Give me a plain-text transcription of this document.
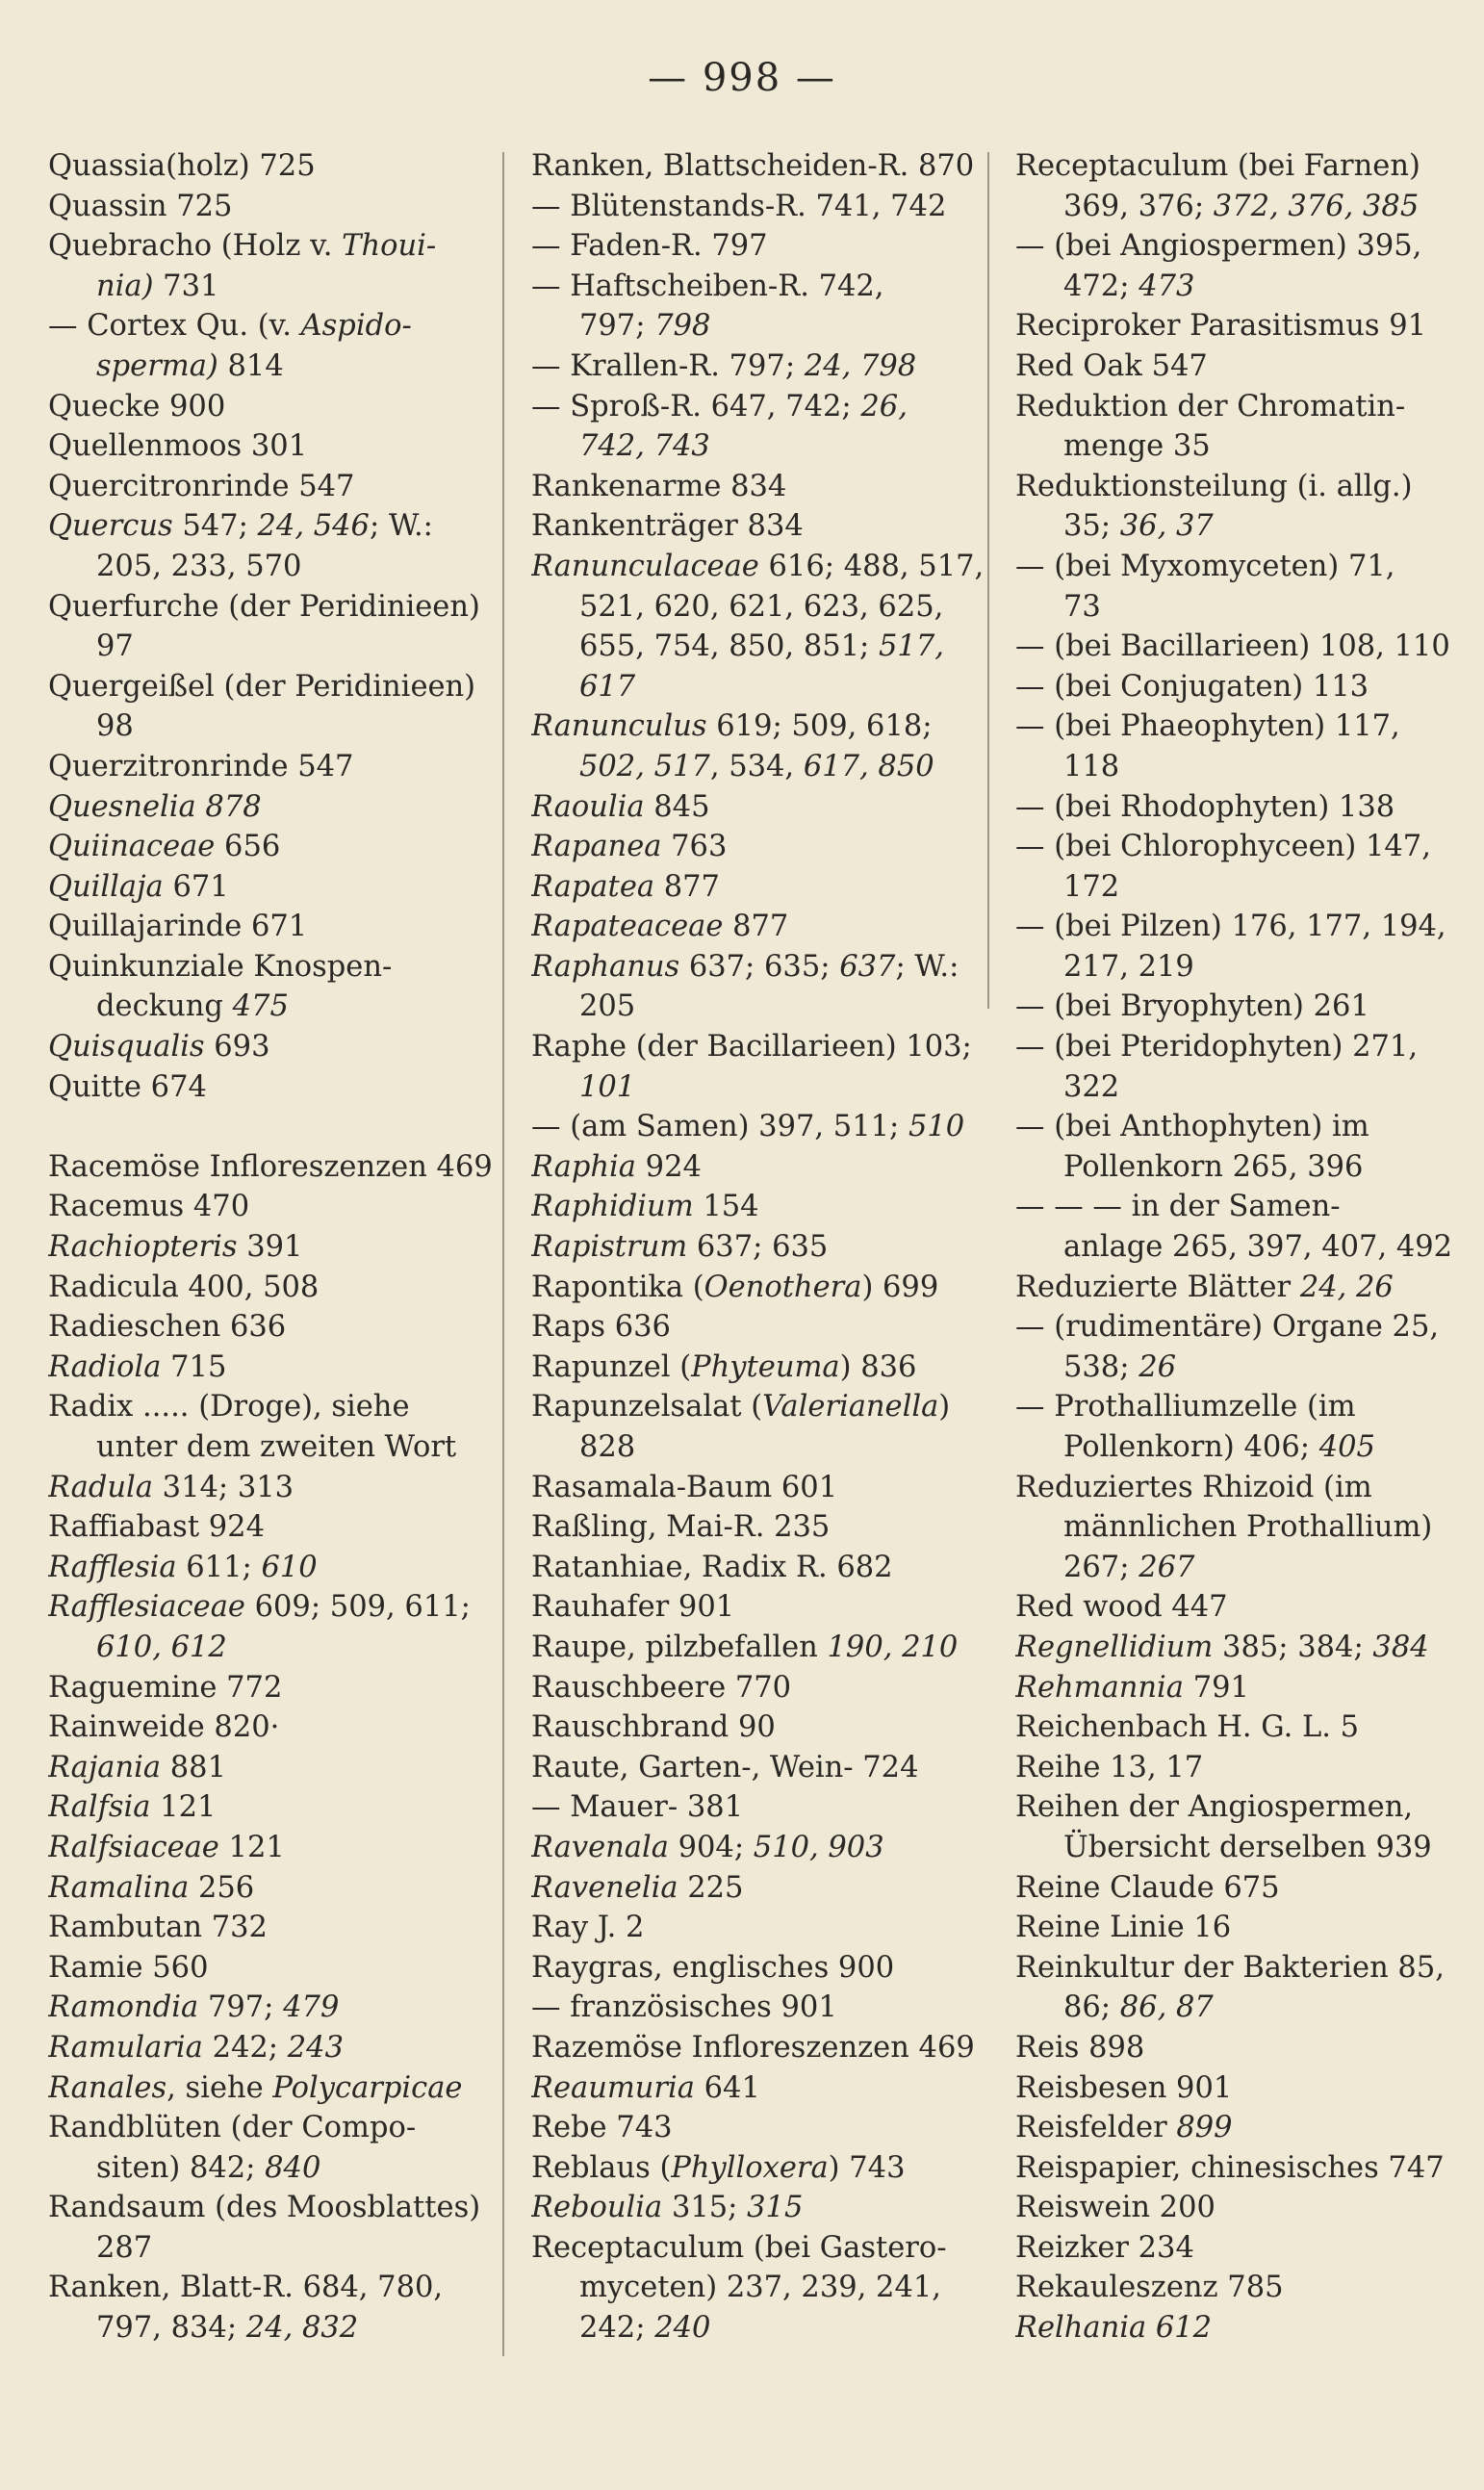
— 998 —
Quassia(holz) 725
Quassin 725
Quebracho (Holz v. Thoui-
nia) 731
— Cortex Qu. (v. Aspido-
sperma) 814
Quecke 900
Quellenmoos 301
Quercitronrinde 547
Quercus 547; 24, 546; W.:
205, 233, 570
Querfurche (der Peridinieen)
97
Quergeißel (der Peridinieen)
98
Querzitronrinde 547
Quesnelia 878
Quiinaceae 656
Quillaja 671
Quillajarinde 671
Quinkunziale Knospen-
deckung 475
Quisqualis 693
Quitte 674
Racemöse Infloreszenzen 469
Racemus 470
Rachiopteris 391
Radicula 400, 508
Radieschen 636
Radiola 715
Radix ..... (Droge), siehe
unter dem zweiten Wort
Radula 314; 313
Raffiabast 924
Rafflesia 611; 610
Rafflesiaceae 609; 509, 611;
610, 612
Raguemine 772
Rainweide 820·
Rajania 881
Ralfsia 121
Ralfsiaceae 121
Ramalina 256
Rambutan 732
Ramie 560
Ramondia 797; 479
Ramularia 242; 243
Ranales, siehe Polycarpicae
Randblüten (der Compo-
siten) 842; 840
Randsaum (des Moosblattes)
287
Ranken, Blatt-R. 684, 780,
797, 834; 24, 832
Ranken, Blattscheiden-R. 870
— Blütenstands-R. 741, 742
— Faden-R. 797
— Haftscheiben-R. 742,
797; 798
— Krallen-R. 797; 24, 798
— Sproß-R. 647, 742; 26,
742, 743
Rankenarme 834
Rankenträger 834
Ranunculaceae 616; 488, 517,
521, 620, 621, 623, 625,
655, 754, 850, 851; 517,
617
Ranunculus 619; 509, 618;
502, 517, 534, 617, 850
Raoulia 845
Rapanea 763
Rapatea 877
Rapateaceae 877
Raphanus 637; 635; 637; W.:
205
Raphe (der Bacillarieen) 103;
101
— (am Samen) 397, 511; 510
Raphia 924
Raphidium 154
Rapistrum 637; 635
Rapontika (Oenothera) 699
Raps 636
Rapunzel (Phyteuma) 836
Rapunzelsalat (Valerianella)
828
Rasamala-Baum 601
Raßling, Mai-R. 235
Ratanhiae, Radix R. 682
Rauhafer 901
Raupe, pilzbefallen 190, 210
Rauschbeere 770
Rauschbrand 90
Raute, Garten-, Wein- 724
— Mauer- 381
Ravenala 904; 510, 903
Ravenelia 225
Ray J. 2
Raygras, englisches 900
— französisches 901
Razemöse Infloreszenzen 469
Reaumuria 641
Rebe 743
Reblaus (Phylloxera) 743
Reboulia 315; 315
Receptaculum (bei Gastero-
myceten) 237, 239, 241,
242; 240
Receptaculum (bei Farnen)
369, 376; 372, 376, 385
— (bei Angiospermen) 395,
472; 473
Reciproker Parasitismus 91
Red Oak 547
Reduktion der Chromatin-
menge 35
Reduktionsteilung (i. allg.)
35; 36, 37
— (bei Myxomyceten) 71,
73
— (bei Bacillarieen) 108, 110
— (bei Conjugaten) 113
— (bei Phaeophyten) 117,
118
— (bei Rhodophyten) 138
— (bei Chlorophyceen) 147,
172
— (bei Pilzen) 176, 177, 194,
217, 219
— (bei Bryophyten) 261
— (bei Pteridophyten) 271,
322
— (bei Anthophyten) im
Pollenkorn 265, 396
— — — in der Samen-
anlage 265, 397, 407, 492
Reduzierte Blätter 24, 26
— (rudimentäre) Organe 25,
538; 26
— Prothalliumzelle (im
Pollenkorn) 406; 405
Reduziertes Rhizoid (im
männlichen Prothallium)
267; 267
Red wood 447
Regnellidium 385; 384; 384
Rehmannia 791
Reichenbach H. G. L. 5
Reihe 13, 17
Reihen der Angiospermen,
Übersicht derselben 939
Reine Claude 675
Reine Linie 16
Reinkultur der Bakterien 85,
86; 86, 87
Reis 898
Reisbesen 901
Reisfelder 899
Reispapier, chinesisches 747
Reiswein 200
Reizker 234
Rekauleszenz 785
Relhania 612
